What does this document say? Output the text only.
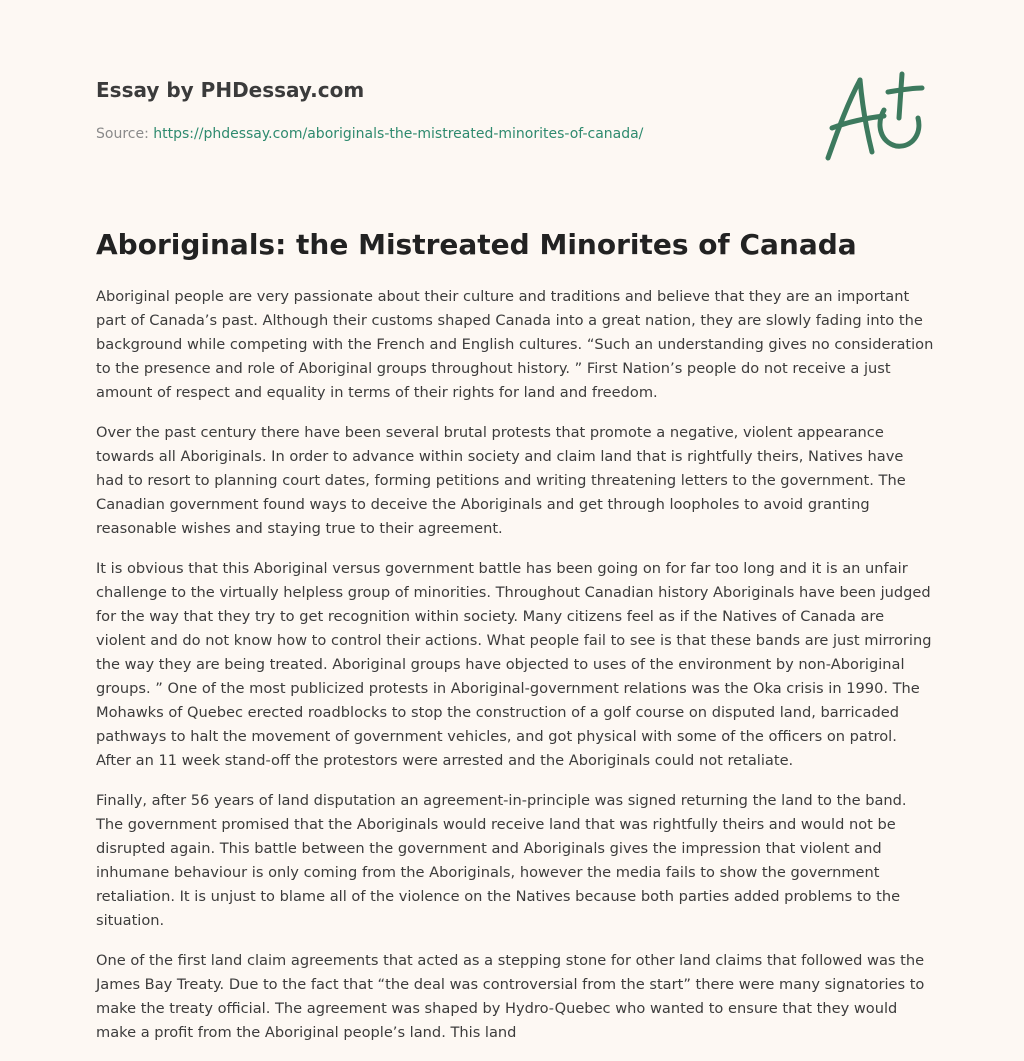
Essay by PHDessay.com
Source: https://phdessay.com/aboriginals-the-mistreated-minorites-of-canada/
Aboriginals: the Mistreated Minorites of Canada

Aboriginal people are very passionate about their culture and traditions and believe that they are an important part of Canada’s past. Although their customs shaped Canada into a great nation, they are slowly fading into the background while competing with the French and English cultures. “Such an understanding gives no consideration to the presence and role of Aboriginal groups throughout history. ” First Nation’s people do not receive a just amount of respect and equality in terms of their rights for land and freedom.

Over the past century there have been several brutal protests that promote a negative, violent appearance towards all Aboriginals. In order to advance within society and claim land that is rightfully theirs, Natives have had to resort to planning court dates, forming petitions and writing threatening letters to the government. The Canadian government found ways to deceive the Aboriginals and get through loopholes to avoid granting reasonable wishes and staying true to their agreement.

It is obvious that this Aboriginal versus government battle has been going on for far too long and it is an unfair challenge to the virtually helpless group of minorities. Throughout Canadian history Aboriginals have been judged for the way that they try to get recognition within society. Many citizens feel as if the Natives of Canada are violent and do not know how to control their actions. What people fail to see is that these bands are just mirroring the way they are being treated. Aboriginal groups have objected to uses of the environment by non-Aboriginal groups. ” One of the most publicized protests in Aboriginal-government relations was the Oka crisis in 1990. The Mohawks of Quebec erected roadblocks to stop the construction of a golf course on disputed land, barricaded pathways to halt the movement of government vehicles, and got physical with some of the officers on patrol. After an 11 week stand-off the protestors were arrested and the Aboriginals could not retaliate.

Finally, after 56 years of land disputation an agreement-in-principle was signed returning the land to the band. The government promised that the Aboriginals would receive land that was rightfully theirs and would not be disrupted again. This battle between the government and Aboriginals gives the impression that violent and inhumane behaviour is only coming from the Aboriginals, however the media fails to show the government retaliation. It is unjust to blame all of the violence on the Natives because both parties added problems to the situation.

One of the first land claim agreements that acted as a stepping stone for other land claims that followed was the James Bay Treaty. Due to the fact that “the deal was controversial from the start” there were many signatories to make the treaty official. The agreement was shaped by Hydro-Quebec who wanted to ensure that they would make a profit from the Aboriginal people’s land. This land
